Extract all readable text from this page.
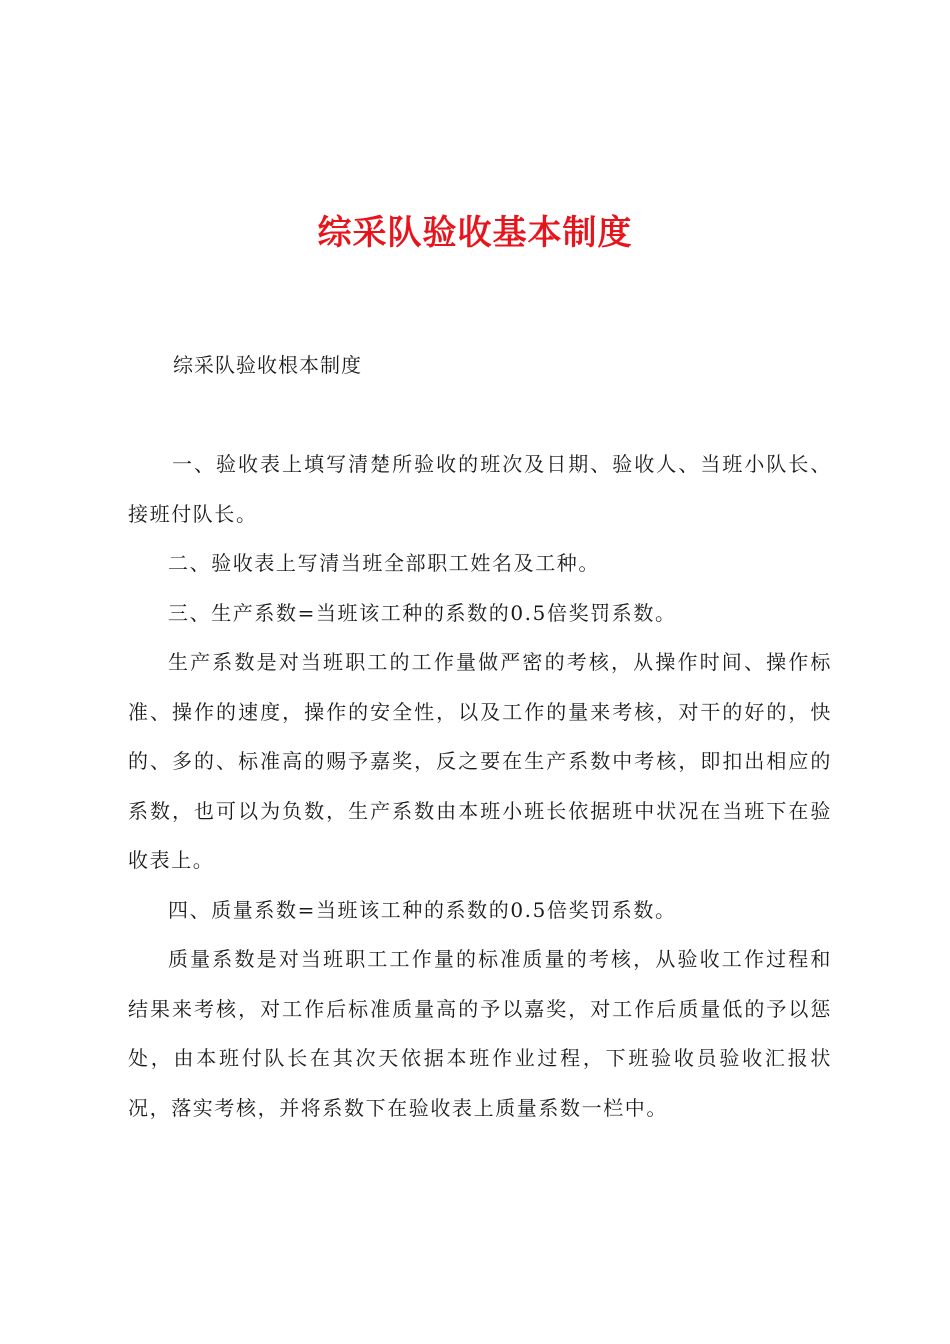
综采队验收基本制度

综采队验收根本制度

一、验收表上填写清楚所验收的班次及日期、验收人、当班小队长、接班付队长。

二、验收表上写清当班全部职工姓名及工种。

三、生产系数=当班该工种的系数的0.5倍奖罚系数。

生产系数是对当班职工的工作量做严密的考核，从操作时间、操作标准、操作的速度，操作的安全性，以及工作的量来考核，对干的好的，快的、多的、标准高的赐予嘉奖，反之要在生产系数中考核，即扣出相应的系数，也可以为负数，生产系数由本班小班长依据班中状况在当班下在验收表上。

四、质量系数=当班该工种的系数的0.5倍奖罚系数。

质量系数是对当班职工工作量的标准质量的考核，从验收工作过程和结果来考核，对工作后标准质量高的予以嘉奖，对工作后质量低的予以惩处，由本班付队长在其次天依据本班作业过程，下班验收员验收汇报状况，落实考核，并将系数下在验收表上质量系数一栏中。
